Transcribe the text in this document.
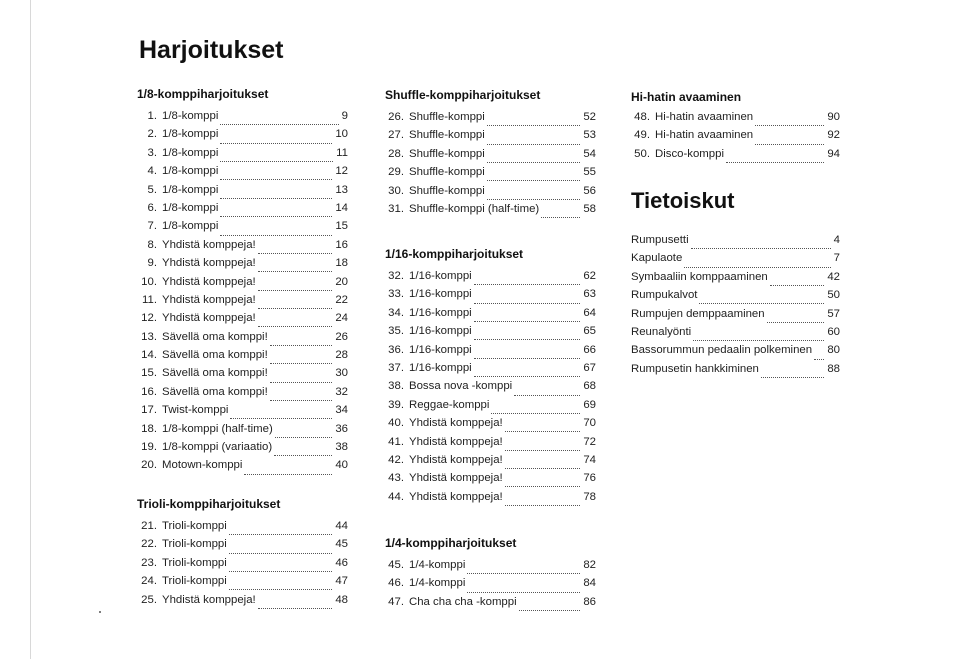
Harjoitukset
1/8-komppiharjoitukset
1. 1/8-komppi	9
2. 1/8-komppi	10
3. 1/8-komppi	11
4. 1/8-komppi	12
5. 1/8-komppi	13
6. 1/8-komppi	14
7. 1/8-komppi	15
8. Yhdistä komppeja!	16
9. Yhdistä komppeja!	18
10. Yhdistä komppeja!	20
11. Yhdistä komppeja!	22
12. Yhdistä komppeja!	24
13. Sävellä oma komppi!	26
14. Sävellä oma komppi!	28
15. Sävellä oma komppi!	30
16. Sävellä oma komppi!	32
17. Twist-komppi	34
18. 1/8-komppi (half-time)	36
19. 1/8-komppi (variaatio)	38
20. Motown-komppi	40
Trioli-komppiharjoitukset
21. Trioli-komppi	44
22. Trioli-komppi	45
23. Trioli-komppi	46
24. Trioli-komppi	47
25. Yhdistä komppeja!	48
Shuffle-komppiharjoitukset
26. Shuffle-komppi	52
27. Shuffle-komppi	53
28. Shuffle-komppi	54
29. Shuffle-komppi	55
30. Shuffle-komppi	56
31. Shuffle-komppi (half-time)	58
1/16-komppiharjoitukset
32. 1/16-komppi	62
33. 1/16-komppi	63
34. 1/16-komppi	64
35. 1/16-komppi	65
36. 1/16-komppi	66
37. 1/16-komppi	67
38. Bossa nova -komppi	68
39. Reggae-komppi	69
40. Yhdistä komppeja!	70
41. Yhdistä komppeja!	72
42. Yhdistä komppeja!	74
43. Yhdistä komppeja!	76
44. Yhdistä komppeja!	78
1/4-komppiharjoitukset
45. 1/4-komppi	82
46. 1/4-komppi	84
47. Cha cha cha -komppi	86
Hi-hatin avaaminen
48. Hi-hatin avaaminen	90
49. Hi-hatin avaaminen	92
50. Disco-komppi	94
Tietoiskut
Rumpusetti	4
Kapulaote	7
Symbaaliin komppaaminen	42
Rumpukalvot	50
Rumpujen demppaaminen	57
Reunalyönti	60
Bassorummun pedaalin polkeminen 80
Rumpusetin hankkiminen	88
